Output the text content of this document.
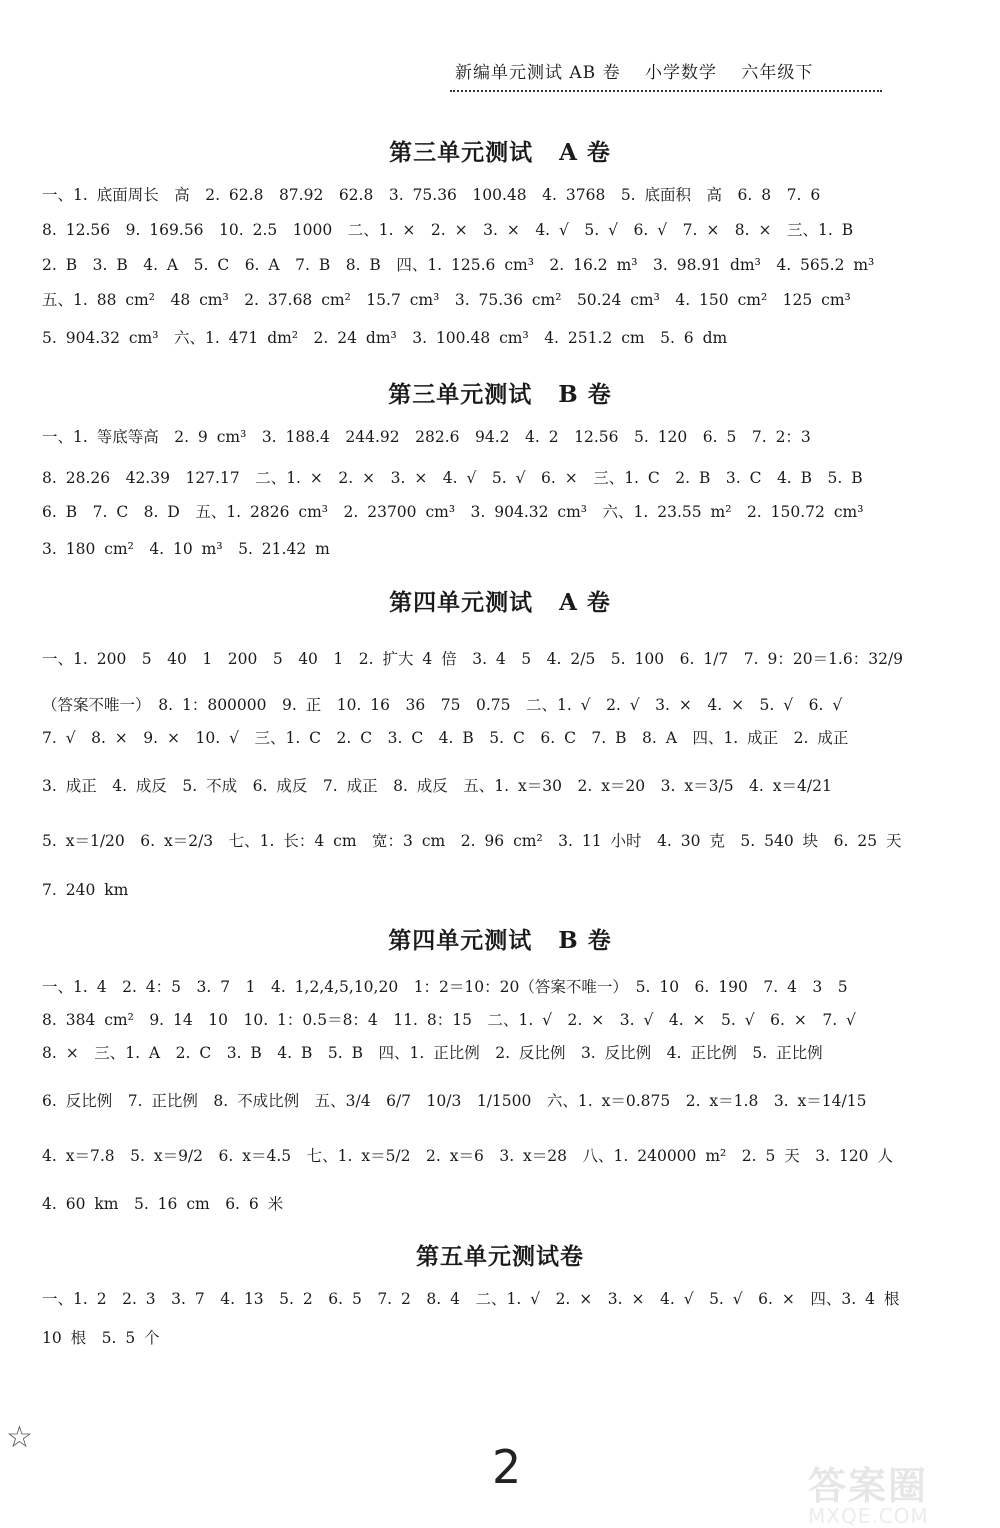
新编单元测试 AB 卷 小学数学 六年级下
第三单元测试 A 卷
一、1. 底面周长　高　2. 62.8　87.92　62.8　3. 75.36　100.48　4. 3768　5. 底面积　高　6. 8　7. 6
8. 12.56　9. 169.56　10. 2.5　1000　二、1. ×　2. ×　3. ×　4. √　5. √　6. √　7. ×　8. ×　三、1. B
2. B　3. B　4. A　5. C　6. A　7. B　8. B　四、1. 125.6 cm³　2. 16.2 m³　3. 98.91 dm³　4. 565.2 m³
五、1. 88 cm²　48 cm³　2. 37.68 cm²　15.7 cm³　3. 75.36 cm²　50.24 cm³　4. 150 cm²　125 cm³
5. 904.32 cm³　六、1. 471 dm²　2. 24 dm³　3. 100.48 cm³　4. 251.2 cm　5. 6 dm
第三单元测试 B 卷
一、1. 等底等高　2. 9 cm³　3. 188.4　244.92　282.6　94.2　4. 2　12.56　5. 120　6. 5　7. 2：3
8. 28.26　42.39　127.17　二、1. ×　2. ×　3. ×　4. √　5. √　6. ×　三、1. C　2. B　3. C　4. B　5. B
6. B　7. C　8. D　五、1. 2826 cm³　2. 23700 cm³　3. 904.32 cm³　六、1. 23.55 m²　2. 150.72 cm³
3. 180 cm²　4. 10 m³　5. 21.42 m
第四单元测试 A 卷
一、1. 200　5　40　1　200　5　40　1　2. 扩大 4 倍　3. 4　5　4. 2/5　5. 100　6. 1/7　7. 9：20＝1.6：32/9
（答案不唯一）　8. 1：800000　9. 正　10. 16　36　75　0.75　二、1. √　2. √　3. ×　4. ×　5. √　6. √
7. √　8. ×　9. ×　10. √　三、1. C　2. C　3. C　4. B　5. C　6. C　7. B　8. A　四、1. 成正　2. 成正
3. 成正　4. 成反　5. 不成　6. 成反　7. 成正　8. 成反　五、1. x＝30　2. x＝20　3. x＝3/5　4. x＝4/21
5. x＝1/20　6. x＝2/3　七、1. 长：4 cm　宽：3 cm　2. 96 cm²　3. 11 小时　4. 30 克　5. 540 块　6. 25 天
7. 240 km
第四单元测试 B 卷
一、1. 4　2. 4：5　3. 7　1　4. 1,2,4,5,10,20　1：2＝10：20（答案不唯一）　5. 10　6. 190　7. 4　3　5
8. 384 cm²　9. 14　10　10. 1：0.5＝8：4　11. 8：15　二、1. √　2. ×　3. √　4. ×　5. √　6. ×　7. √
8. ×　三、1. A　2. C　3. B　4. B　5. B　四、1. 正比例　2. 反比例　3. 反比例　4. 正比例　5. 正比例
6. 反比例　7. 正比例　8. 不成比例　五、3/4　6/7　10/3　1/1500　六、1. x＝0.875　2. x＝1.8　3. x＝14/15
4. x＝7.8　5. x＝9/2　6. x＝4.5　七、1. x＝5/2　2. x＝6　3. x＝28　八、1. 240000 m²　2. 5 天　3. 120 人
4. 60 km　5. 16 cm　6. 6 米
第五单元测试卷
一、1. 2　2. 3　3. 7　4. 13　5. 2　6. 5　7. 2　8. 4　二、1. √　2. ×　3. ×　4. √　5. √　6. ×　四、3. 4 根
10 根　5. 5 个
☆
2	答案圈
MXQE.COM
